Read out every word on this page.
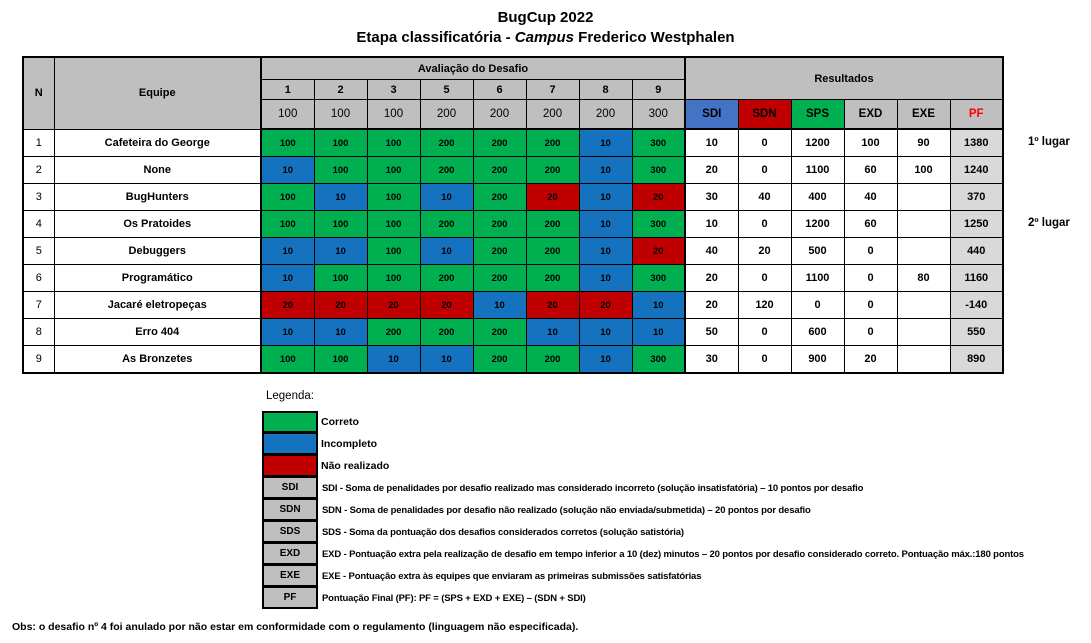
BugCup 2022
Etapa classificatória - Campus Frederico Westphalen
N	Equipe	Avaliação do Desafio								Resultados					
		1	2	3	5	6	7	8	9						
		100	100	100	200	200	200	200	300	SDI	SDN	SPS	EXD	EXE	PF
1	Cafeteira do George	100	100	100	200	200	200	10	300	10	0	1200	100	90	1380
2	None	10	100	100	200	200	200	10	300	20	0	1100	60	100	1240
3	BugHunters	100	10	100	10	200	20	10	20	30	40	400	40		370
4	Os Pratoides	100	100	100	200	200	200	10	300	10	0	1200	60		1250
5	Debuggers	10	10	100	10	200	200	10	20	40	20	500	0		440
6	Programático	10	100	100	200	200	200	10	300	20	0	1100	0	80	1160
7	Jacaré eletropeças	20	20	20	20	10	20	20	10	20	120	0	0		-140
8	Erro 404	10	10	200	200	200	10	10	10	50	0	600	0		550
9	As Bronzetes	100	100	10	10	200	200	10	300	30	0	900	20		890
1º lugar
2º lugar
Legenda:
Correto
Incompleto
Não realizado
SDI	SDI - Soma de penalidades por desafio realizado mas considerado incorreto (solução insatisfatória) – 10 pontos por desafio
SDN	SDN - Soma de penalidades por desafio não realizado (solução não enviada/submetida) – 20 pontos por desafio
SDS	SDS - Soma da pontuação dos desafios considerados corretos (solução satistória)
EXD	EXD - Pontuação extra pela realização de desafio em tempo inferior a 10 (dez) minutos – 20 pontos por desafio considerado correto. Pontuação máx.:180 pontos
EXE	EXE - Pontuação extra às equipes que enviaram as primeiras submissões satisfatórias
PF	Pontuação Final (PF): PF = (SPS + EXD + EXE) – (SDN + SDI)
Obs: o desafio nº 4 foi anulado por não estar em conformidade com o regulamento (linguagem não especificada).
